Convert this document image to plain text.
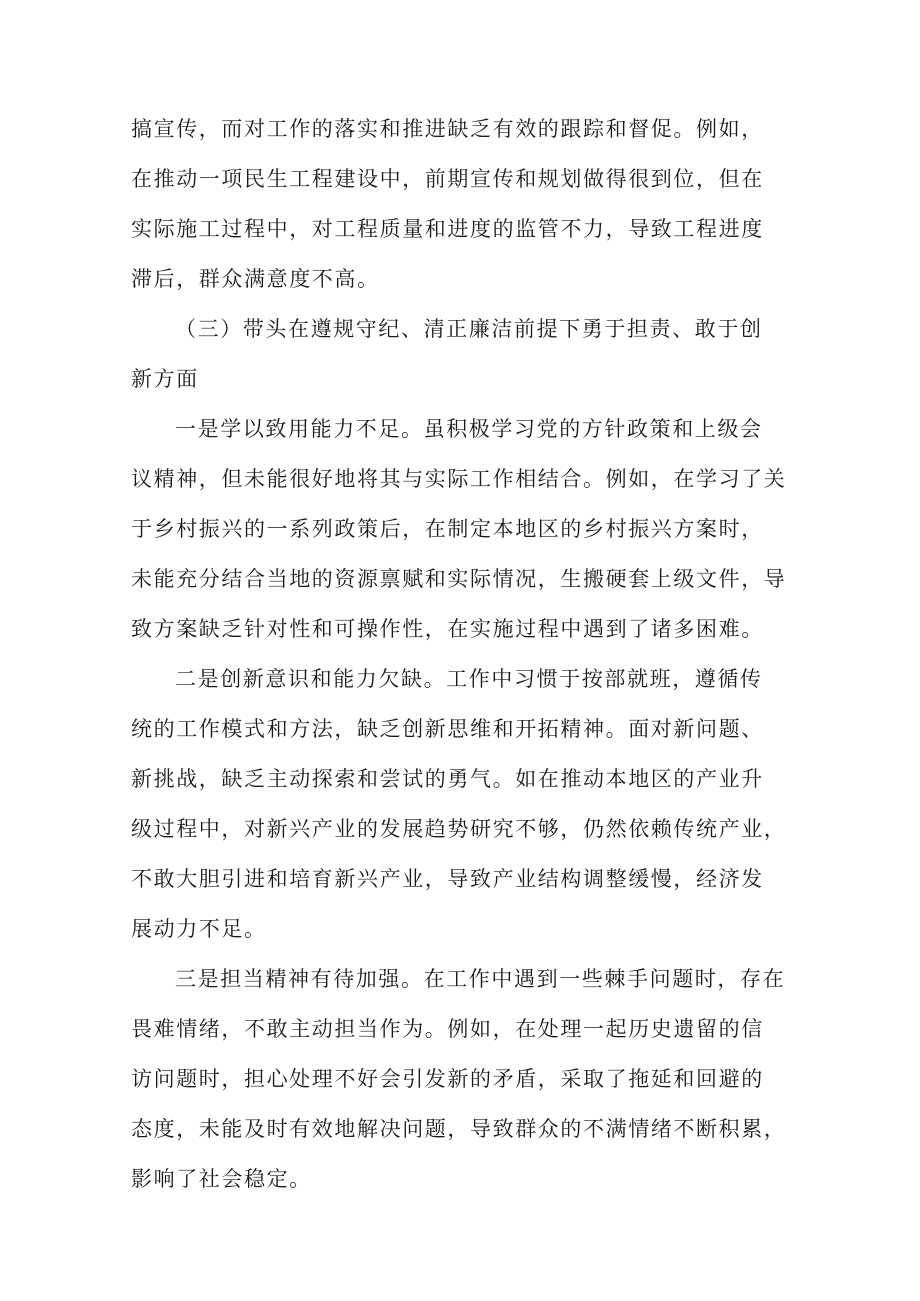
搞宣传，而对工作的落实和推进缺乏有效的跟踪和督促。例如，
在推动一项民生工程建设中，前期宣传和规划做得很到位，但在
实际施工过程中，对工程质量和进度的监管不力，导致工程进度
滞后，群众满意度不高。
（三）带头在遵规守纪、清正廉洁前提下勇于担责、敢于创
新方面
一是学以致用能力不足。虽积极学习党的方针政策和上级会
议精神，但未能很好地将其与实际工作相结合。例如，在学习了关
于乡村振兴的一系列政策后，在制定本地区的乡村振兴方案时，
未能充分结合当地的资源禀赋和实际情况，生搬硬套上级文件，导
致方案缺乏针对性和可操作性，在实施过程中遇到了诸多困难。
二是创新意识和能力欠缺。工作中习惯于按部就班，遵循传
统的工作模式和方法，缺乏创新思维和开拓精神。面对新问题、
新挑战，缺乏主动探索和尝试的勇气。如在推动本地区的产业升
级过程中，对新兴产业的发展趋势研究不够，仍然依赖传统产业，
不敢大胆引进和培育新兴产业，导致产业结构调整缓慢，经济发
展动力不足。
三是担当精神有待加强。在工作中遇到一些棘手问题时，存在
畏难情绪，不敢主动担当作为。例如，在处理一起历史遗留的信
访问题时，担心处理不好会引发新的矛盾，采取了拖延和回避的
态度，未能及时有效地解决问题，导致群众的不满情绪不断积累，
影响了社会稳定。
